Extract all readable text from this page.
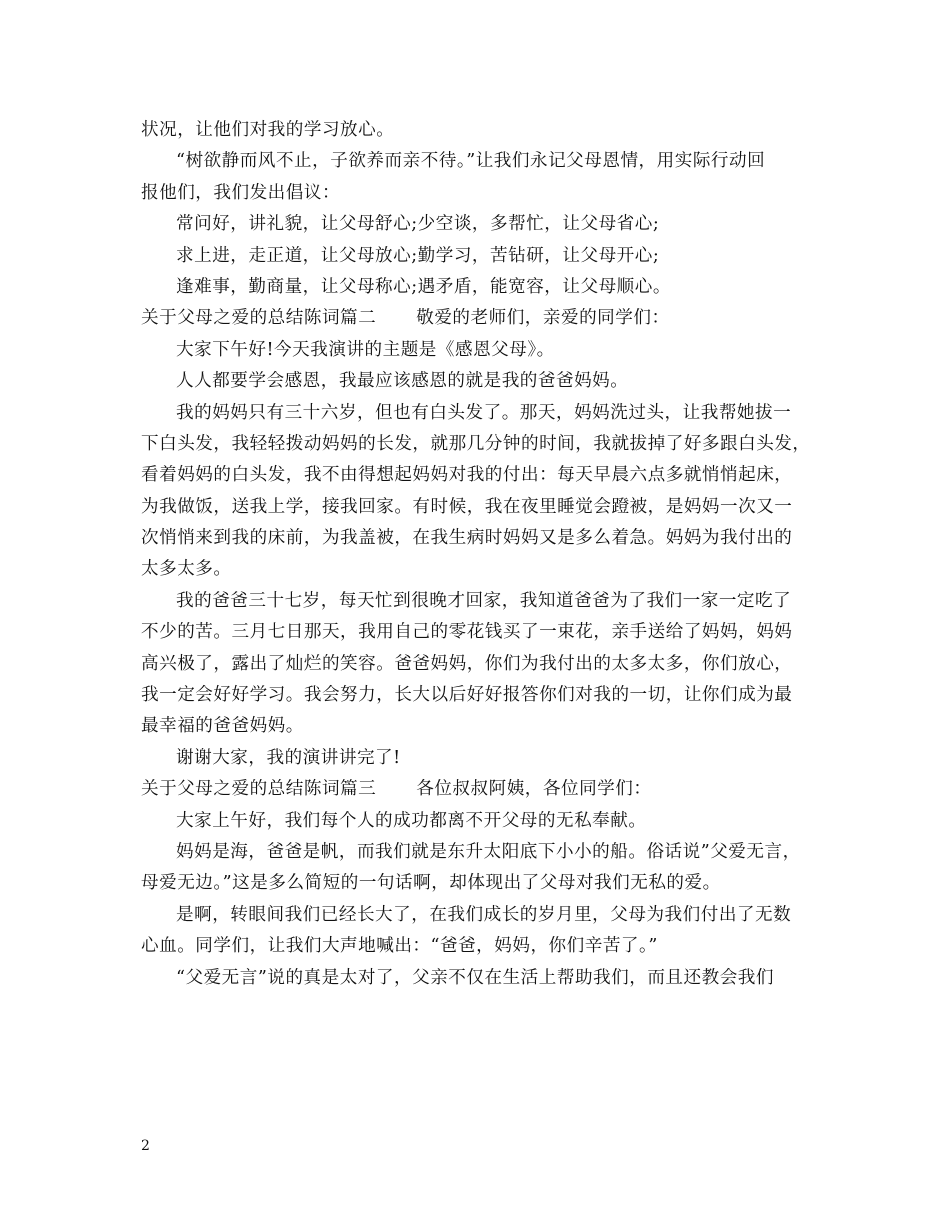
状况，让他们对我的学习放心。
“树欲静而风不止，子欲养而亲不待。”让我们永记父母恩情，用实际行动回
报他们，我们发出倡议：
常问好，讲礼貌，让父母舒心;少空谈，多帮忙，让父母省心;
求上进，走正道，让父母放心;勤学习，苦钻研，让父母开心;
逢难事，勤商量，让父母称心;遇矛盾，能宽容，让父母顺心。
关于父母之爱的总结陈词篇二 敬爱的老师们，亲爱的同学们：
大家下午好!今天我演讲的主题是《感恩父母》。
人人都要学会感恩，我最应该感恩的就是我的爸爸妈妈。
我的妈妈只有三十六岁，但也有白头发了。那天，妈妈洗过头，让我帮她拔一
下白头发，我轻轻拨动妈妈的长发，就那几分钟的时间，我就拔掉了好多跟白头发，
看着妈妈的白头发，我不由得想起妈妈对我的付出：每天早晨六点多就悄悄起床，
为我做饭，送我上学，接我回家。有时候，我在夜里睡觉会蹬被，是妈妈一次又一
次悄悄来到我的床前，为我盖被，在我生病时妈妈又是多么着急。妈妈为我付出的
太多太多。
我的爸爸三十七岁，每天忙到很晚才回家，我知道爸爸为了我们一家一定吃了
不少的苦。三月七日那天，我用自己的零花钱买了一束花，亲手送给了妈妈，妈妈
高兴极了，露出了灿烂的笑容。爸爸妈妈，你们为我付出的太多太多，你们放心，
我一定会好好学习。我会努力，长大以后好好报答你们对我的一切，让你们成为最
最幸福的爸爸妈妈。
谢谢大家，我的演讲讲完了!
关于父母之爱的总结陈词篇三 各位叔叔阿姨，各位同学们：
大家上午好，我们每个人的成功都离不开父母的无私奉献。
妈妈是海，爸爸是帆，而我们就是东升太阳底下小小的船。俗话说”父爱无言，
母爱无边。”这是多么简短的一句话啊，却体现出了父母对我们无私的爱。
是啊，转眼间我们已经长大了，在我们成长的岁月里，父母为我们付出了无数
心血。同学们，让我们大声地喊出：“爸爸，妈妈，你们辛苦了。”
“父爱无言”说的真是太对了，父亲不仅在生活上帮助我们，而且还教会我们
2
